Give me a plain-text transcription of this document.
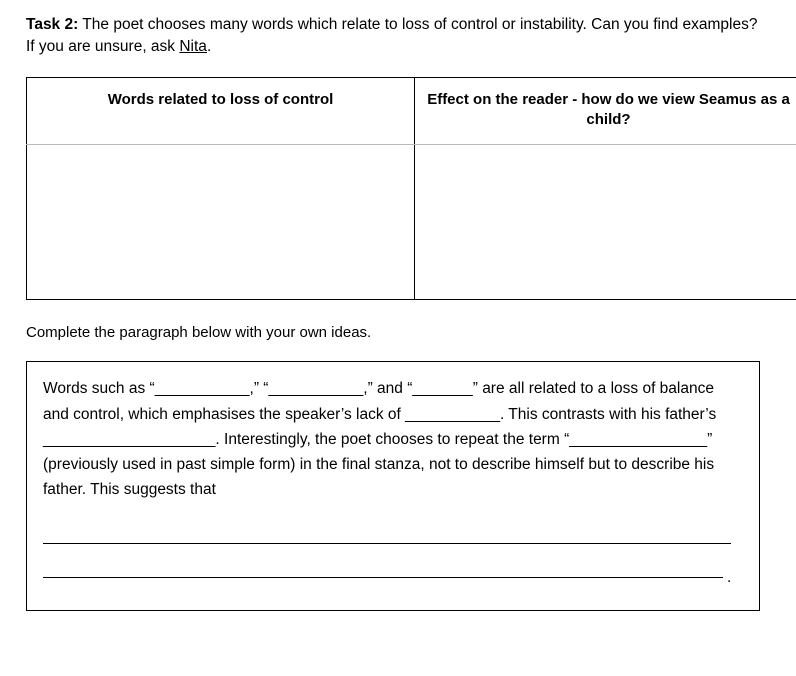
Task 2: The poet chooses many words which relate to loss of control or instability. Can you find examples? If you are unsure, ask Nita.

Words related to loss of control	Effect on the reader - how do we view Seamus as a child?

Complete the paragraph below with your own ideas.

Words such as “___________,” “___________,” and “_______” are all related to a loss of balance and control, which emphasises the speaker’s lack of ___________. This contrasts with his father’s ____________________. Interestingly, the poet chooses to repeat the term “________________” (previously used in past simple form) in the final stanza, not to describe himself but to describe his father. This suggests that

.
